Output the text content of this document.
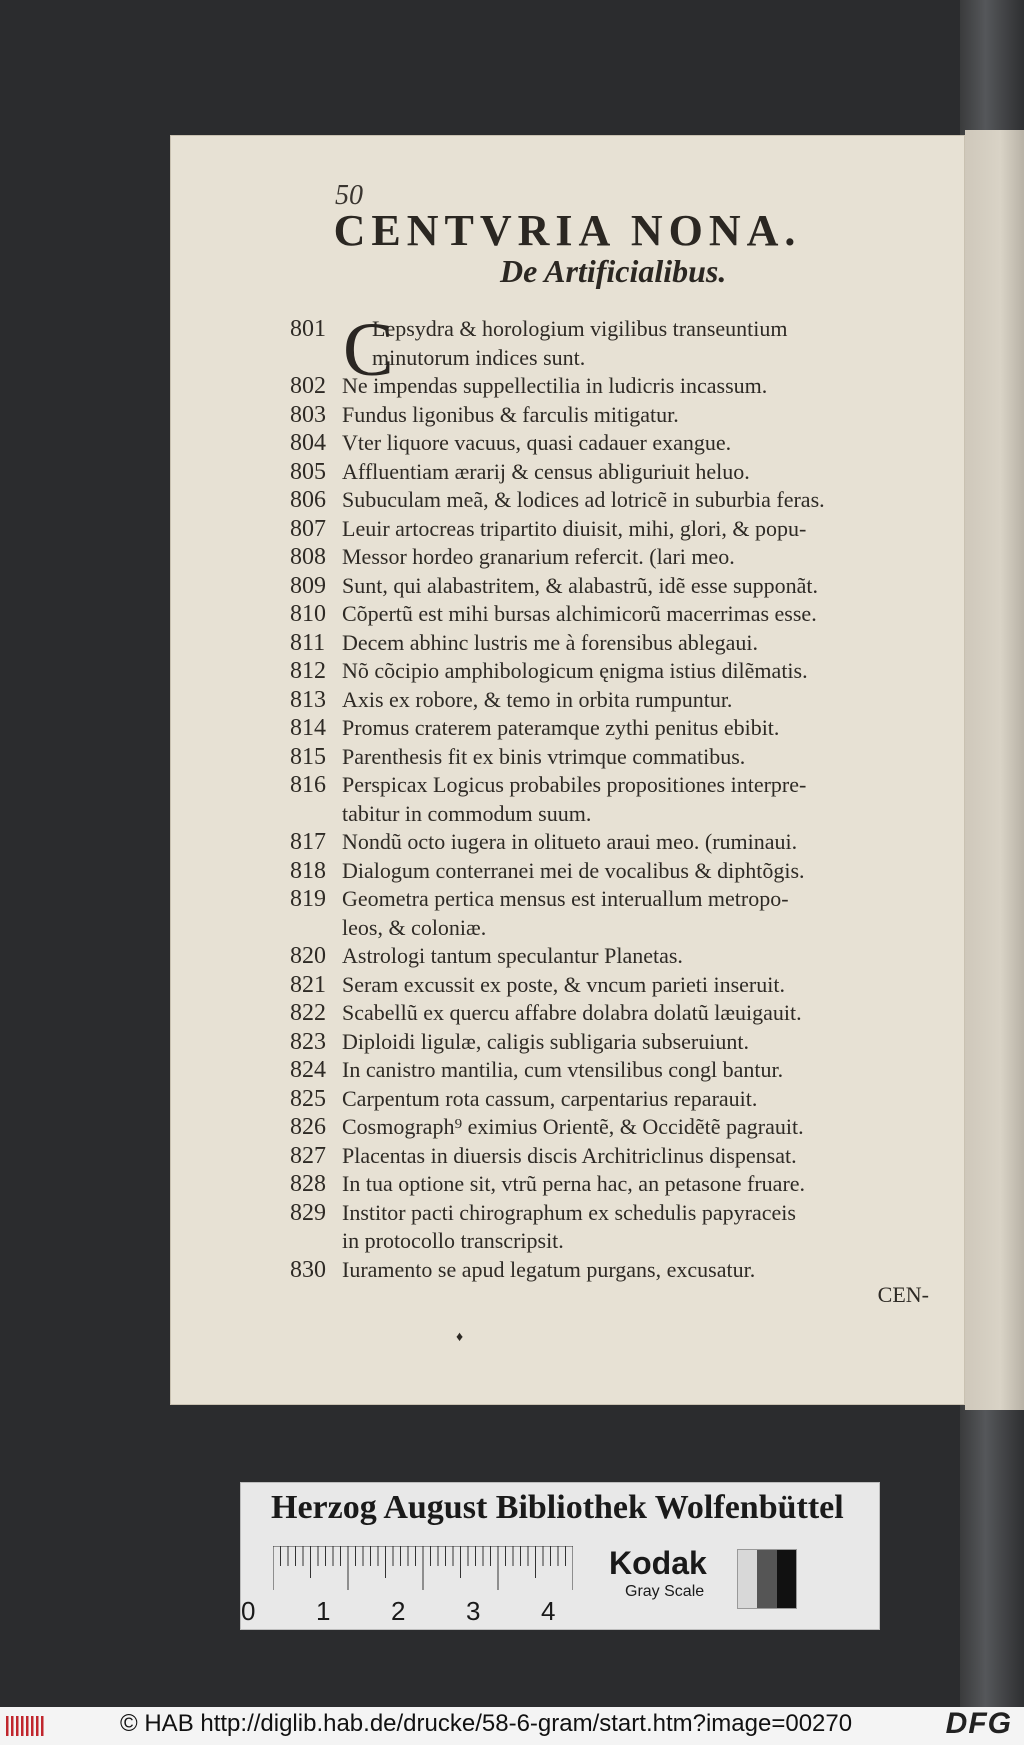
50
CENTVRIA NONA.
De Artificialibus.
801	Lepsydra & horologium vigilibus transeuntium
minutorum indices sunt.
802 Ne impendas suppellectilia in ludicris incassum.
803 Fundus ligonibus & farculis mitigatur.
804 Vter liquore vacuus, quasi cadauer exangue.
805 Affluentiam ærarij & census abliguriuit heluo.
806 Subuculam meã, & lodices ad lotricẽ in suburbia feras.
807 Leuir artocreas tripartito diuisit, mihi, glori, & popu-
808 Messor hordeo granarium refercit. (lari meo.
809 Sunt, qui alabastritem, & alabastrũ, idẽ esse supponãt.
810 Cõpertũ est mihi bursas alchimicorũ macerrimas esse.
811 Decem abhinc lustris me à forensibus ablegaui.
812 Nõ cõcipio amphibologicum ęnigma istius dilẽmatis.
813 Axis ex robore, & temo in orbita rumpuntur.
814 Promus craterem pateramque zythi penitus ebibit.
815 Parenthesis fit ex binis vtrimque commatibus.
816 Perspicax Logicus probabiles propositiones interpre-
tabitur in commodum suum.
817 Nondũ octo iugera in olitueto araui meo. (ruminaui.
818 Dialogum conterranei mei de vocalibus & diphtõgis.
819 Geometra pertica mensus est interuallum metropo-
leos, & coloniæ.
820 Astrologi tantum speculantur Planetas.
821 Seram excussit ex poste, & vncum parieti inseruit.
822 Scabellũ ex quercu affabre dolabra dolatũ læuigauit.
823 Diploidi ligulæ, caligis subligaria subseruiunt.
824 In canistro mantilia, cum vtensilibus congl bantur.
825 Carpentum rota cassum, carpentarius reparauit.
826 Cosmograph⁹ eximius Orientẽ, & Occidẽtẽ pagrauit.
827 Placentas in diuersis discis Architriclinus dispensat.
828 In tua optione sit, vtrũ perna hac, an petasone fruare.
829 Institor pacti chirographum ex schedulis papyraceis
in protocollo transcripsit.
830 Iuramento se apud legatum purgans, excusatur.
CEN-
♦
C
Herzog August Bibliothek Wolfenbüttel
0 1 2 3 4
Kodak
Gray Scale
© HAB http://diglib.hab.de/drucke/58-6-gram/start.htm?image=00270	DFG
